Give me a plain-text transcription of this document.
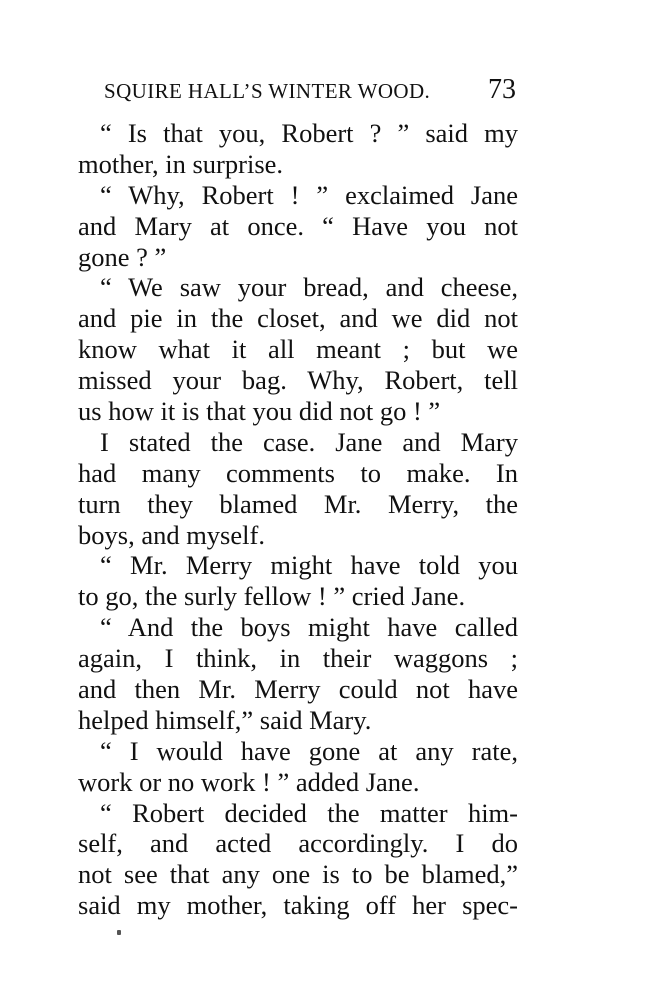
SQUIRE HALL’S WINTER WOOD. 73
“ Is that you, Robert ? ” said my
mother, in surprise.
“ Why, Robert ! ” exclaimed Jane
and Mary at once. “ Have you not
gone ? ”
“ We saw your bread, and cheese,
and pie in the closet, and we did not
know what it all meant ; but we
missed your bag. Why, Robert, tell
us how it is that you did not go ! ”
I stated the case. Jane and Mary
had many comments to make. In
turn they blamed Mr. Merry, the
boys, and myself.
“ Mr. Merry might have told you
to go, the surly fellow ! ” cried Jane.
“ And the boys might have called
again, I think, in their waggons ;
and then Mr. Merry could not have
helped himself,” said Mary.
“ I would have gone at any rate,
work or no work ! ” added Jane.
“ Robert decided the matter him-
self, and acted accordingly. I do
not see that any one is to be blamed,”
said my mother, taking off her spec-
